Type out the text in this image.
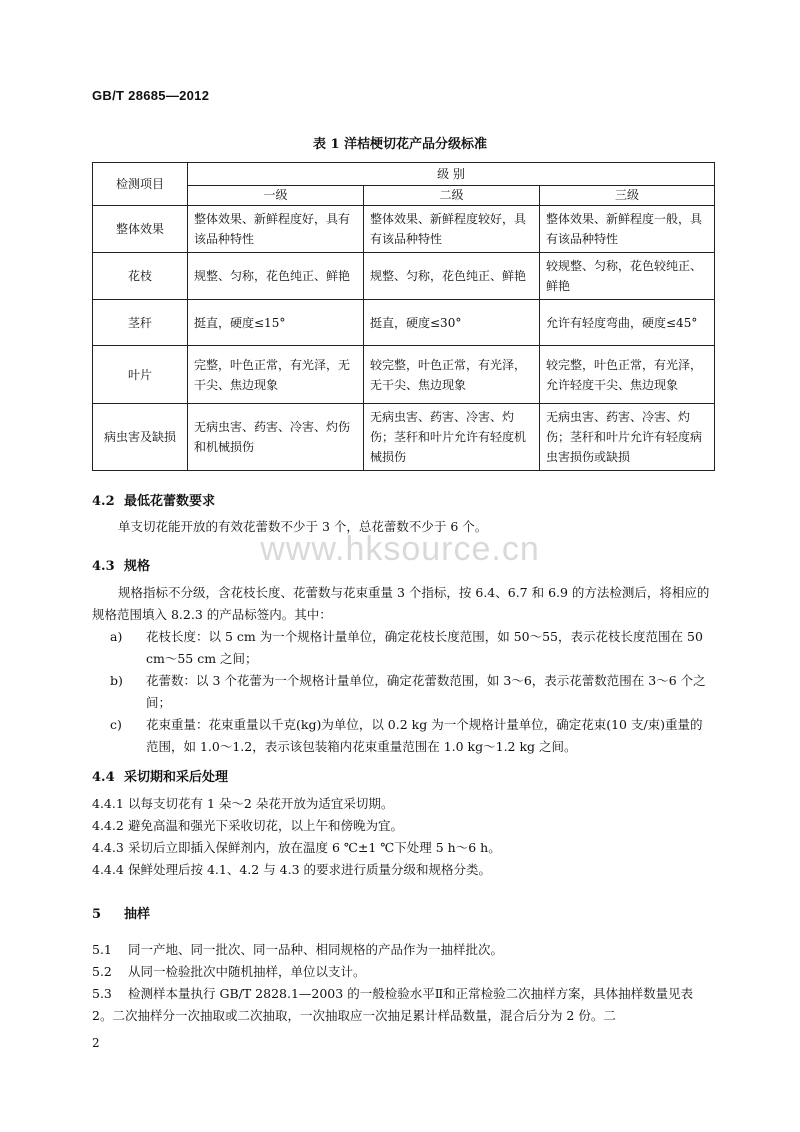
GB/T 28685—2012
表 1 洋桔梗切花产品分级标准
检测项目	级 别		
	一级	二级	三级
整体效果	整体效果、新鲜程度好，具有该品种特性	整体效果、新鲜程度较好，具有该品种特性	整体效果、新鲜程度一般，具有该品种特性
花枝	规整、匀称，花色纯正、鲜艳	规整、匀称，花色纯正、鲜艳	较规整、匀称，花色较纯正、鲜艳
茎秆	挺直，硬度≤15°	挺直，硬度≤30°	允许有轻度弯曲，硬度≤45°
叶片	完整，叶色正常，有光泽，无干尖、焦边现象	较完整，叶色正常，有光泽，无干尖、焦边现象	较完整，叶色正常，有光泽，允许轻度干尖、焦边现象
病虫害及缺损	无病虫害、药害、冷害、灼伤和机械损伤	无病虫害、药害、冷害、灼伤；茎秆和叶片允许有轻度机械损伤	无病虫害、药害、冷害、灼伤；茎秆和叶片允许有轻度病虫害损伤或缺损
4.2 最低花蕾数要求
单支切花能开放的有效花蕾数不少于 3 个，总花蕾数不少于 6 个。
www.hksource.cn
4.3 规格
规格指标不分级，含花枝长度、花蕾数与花束重量 3 个指标，按 6.4、6.7 和 6.9 的方法检测后，将相应的规格范围填入 8.2.3 的产品标签内。其中：
a)	花枝长度：以 5 cm 为一个规格计量单位，确定花枝长度范围，如 50～55，表示花枝长度范围在 50 cm～55 cm 之间；
b)	花蕾数：以 3 个花蕾为一个规格计量单位，确定花蕾数范围，如 3～6，表示花蕾数范围在 3～6 个之间；
c)	花束重量：花束重量以千克(kg)为单位，以 0.2 kg 为一个规格计量单位，确定花束(10 支/束)重量的范围，如 1.0～1.2，表示该包装箱内花束重量范围在 1.0 kg～1.2 kg 之间。
4.4 采切期和采后处理
4.4.1 以每支切花有 1 朵～2 朵花开放为适宜采切期。
4.4.2 避免高温和强光下采收切花，以上午和傍晚为宜。
4.4.3 采切后立即插入保鲜剂内，放在温度 6 ℃±1 ℃下处理 5 h～6 h。
4.4.4 保鲜处理后按 4.1、4.2 与 4.3 的要求进行质量分级和规格分类。
5 抽样
5.1 同一产地、同一批次、同一品种、相同规格的产品作为一抽样批次。
5.2 从同一检验批次中随机抽样，单位以支计。
5.3 检测样本量执行 GB/T 2828.1—2003 的一般检验水平Ⅱ和正常检验二次抽样方案，具体抽样数量见表 2。二次抽样分一次抽取或二次抽取，一次抽取应一次抽足累计样品数量，混合后分为 2 份。二
2
